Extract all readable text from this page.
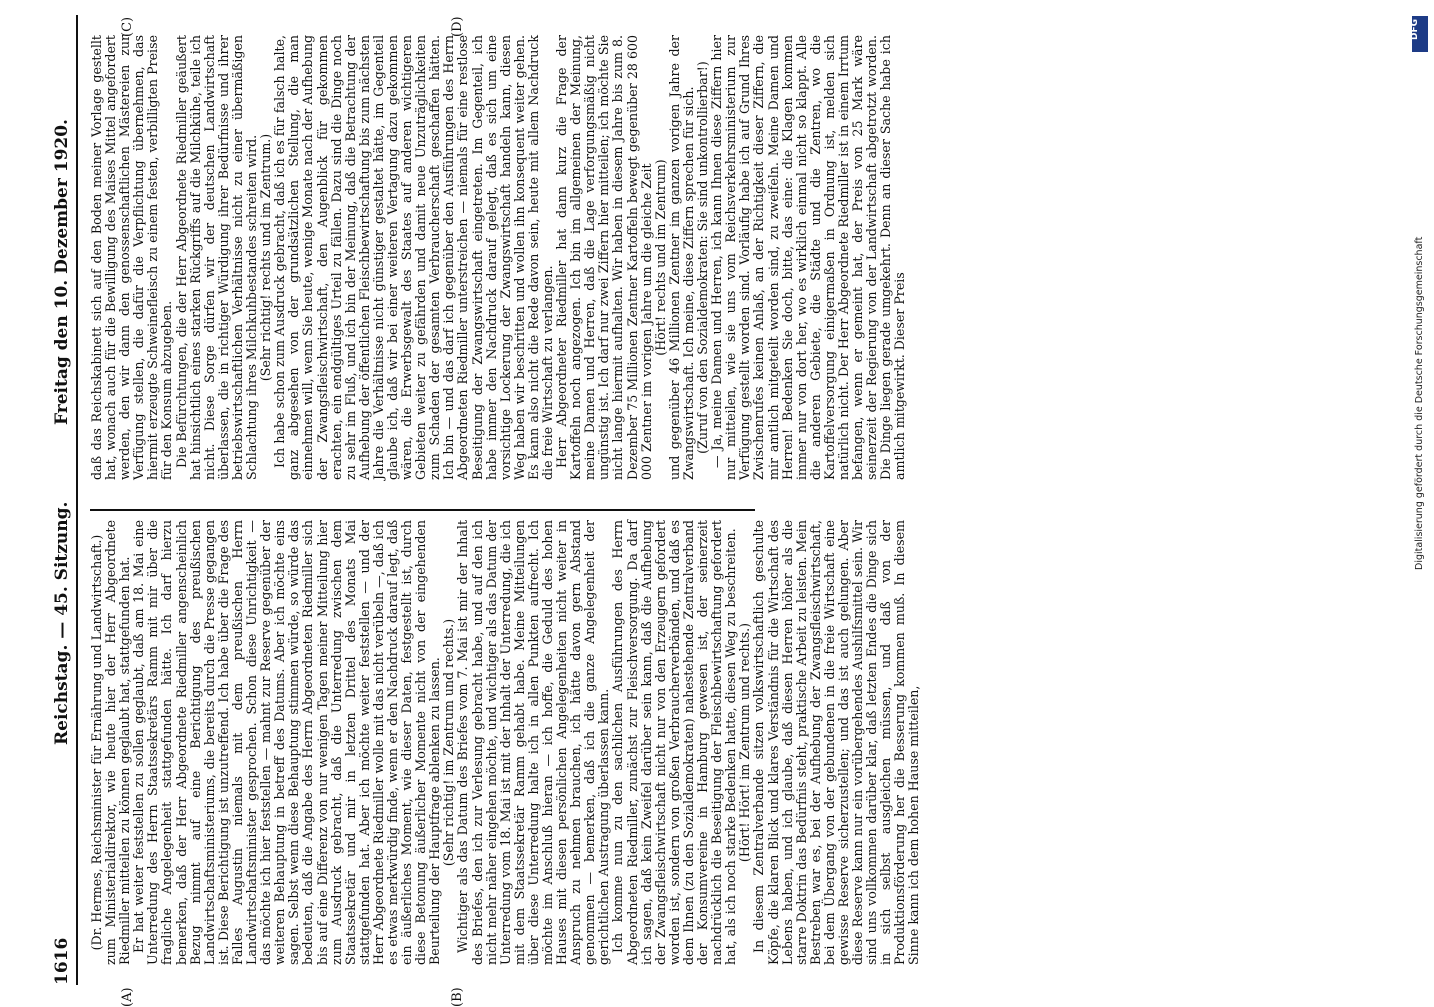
1616
Reichstag. — 45. Sitzung.
Freitag den 10. Dezember 1920.
(A)	(B)
(C)	(D)

(Dr. Hermes, Reichsminister für Ernährung und Landwirtschaft.) zum Ministerialdirektor, wie heute hier der Herr Abgeordnete Riedmiller mitteilen zu können geglaubt hat, stattgefunden hat. Er hat weiter feststellen zu sollen geglaubt, daß am 18. Mai eine Unterredung des Herrn Staatssekretärs Ramm mit mir über die fragliche Angelegenheit stattgefunden hätte. Ich darf hierzu bemerken, daß der Herr Abgeordnete Riedmiller angenscheinlich Bezug nimmt auf eine Berichtigung des preußischen Landwirtschaftsministeriums, die bereits durch die Presse gegangen ist. Diese Berichtigung ist unzutreffend. Ich habe über die Frage des Falles Augustin niemals mit dem preußischen Herrn Landwirtschaftsminister gesprochen. Schon diese Unrichtigkeit — das möchte ich hier feststellen — mahnt zur Reserve gegenüber der weiteren Behauptung in betreff des Datums. Aber ich möchte eins sagen. Selbst wenn diese Behauptung stimmen würde, so würde das bedeuten, daß die Angabe des Herrn Abgeordneten Riedmiller sich bis auf eine Differenz von nur wenigen Tagen meiner Mitteilung hier zum Ausdruck gebracht, daß die Unterredung zwischen dem Staatssekretär und mir in letzten Drittel des Monats Mai stattgefunden hat. Aber ich möchte weiter feststellen — und der Herr Abgeordnete Riedmiller wolle mit das nicht verübeln —, daß ich es etwas merkwürdig finde, wenn er den Nachdruck darauf legt, daß ein äußerliches Moment, wie dieser Daten, festgestellt ist, durch diese Betonung äußerlicher Momente nicht von der eingehenden Beurteilung der Hauptfrage ablenken zu lassen. (Sehr richtig! im Zentrum und rechts.) Wichtiger als das Datum des Briefes vom 7. Mai ist mir der Inhalt des Briefes, den ich zur Verlesung gebracht habe, und auf den ich nicht mehr näher eingehen möchte, und wichtiger als das Datum der Unterredung vom 18. Mai ist mit der Inhalt der Unterredung, die ich mit dem Staatssekretär Ramm gehabt habe. Meine Mitteilungen über diese Unterredung halte ich in allen Punkten aufrecht. Ich möchte im Anschluß hieran — ich hoffe, die Geduld des hohen Hauses mit diesen persönlichen Angelegenheiten nicht weiter in Anspruch zu nehmen brauchen, ich hätte davon gern Abstand genommen — bemerken, daß ich die ganze Angelegenheit der gerichtlichen Austragung überlassen kann. Ich komme nun zu den sachlichen Ausführungen des Herrn Abgeordneten Riedmiller, zunächst zur Fleischversorgung. Da darf ich sagen, daß kein Zweifel darüber sein kann, daß die Aufhebung der Zwangsfleischwirtschaft nicht nur von den Erzeugern gefordert worden ist, sondern von großen Verbraucherverbänden, und daß es dem Ihnen (zu den Sozialdemokraten) nahestehende Zentralverband der Konsumvereine in Hamburg gewesen ist, der seinerzeit nachdrücklich die Beseitigung der Fleischbewirtschaftung gefordert hat, als ich noch starke Bedenken hatte, diesen Weg zu beschreiten. (Hört! Hört! im Zentrum und rechts.) In diesem Zentralverbande sitzen volkswirtschaftlich geschulte Köpfe, die klaren Blick und klares Verständnis für die Wirtschaft des Lebens haben, und ich glaube, daß diesen Herren höher als die starre Doktrin das Bedürfnis steht, praktische Arbeit zu leisten. Mein Bestreben war es, bei der Aufhebung der Zwangsfleischwirtschaft, bei dem Übergang von der gebundenen in die freie Wirtschaft eine gewisse Reserve sicherzustellen; und das ist auch gelungen. Aber diese Reserve kann nur ein vorübergehendes Aushilfsmittel sein. Wir sind uns vollkommen darüber klar, daß letzten Endes die Dinge sich in sich selbst ausgleichen müssen, und daß von der Produktionsförderung her die Besserung kommen muß. In diesem Sinne kann ich dem hohen Hause mitteilen,

daß das Reichskabinett sich auf den Boden meiner Vorlage gestellt hat, wonach auch für die Bewilligung des Maises Mittel angefordert werden, den wir dann den genossenschaftlichen Mästereien zur Verfügung stellen, die dafür die Verpflichtung übernehmen, das hiermit erzeugte Schweinefleisch zu einem festen, verbilligten Preise für den Konsum abzugeben. Die Befürchtungen, die der Herr Abgeordnete Riedmiller geäußert hat hinsichtlich eines starken Rückgriffs auf die Milchkühe, teile ich nicht. Diese Sorge dürfen wir der deutschen Landwirtschaft überlassen, die in richtiger Würdigung ihrer Bedürfnisse und ihrer betriebswirtschaftlichen Verhältnisse nicht zu einer übermäßigen Schlachtung ihres Milchkuhbestandes schreiten wird. (Sehr richtig! rechts und im Zentrum.) Ich habe schon zum Ausdruck gebracht, daß ich es für falsch halte, ganz abgesehen von der grundsätzlichen Stellung, die man einnehmen will, wenn Sie heute, wenige Monate nach der Aufhebung der Zwangsfleischwirtschaft, den Augenblick für gekommen erachten, ein endgültiges Urteil zu fällen. Dazu sind die Dinge noch zu sehr im Fluß, und ich bin der Meinung, daß die Betrachtung der Aufhebung der öffentlichen Fleischbewirtschaftung bis zum nächsten Jahre die Verhältnisse nicht günstiger gestaltet hätte, im Gegenteil glaube ich, daß wir bei einer weiteren Vertagung dazu gekommen wären, die Erwerbsgewalt des Staates auf anderen wichtigeren Gebieten weiter zu gefährden und damit neue Unzuträglichkeiten zum Schaden der gesamten Verbraucherschaft geschaffen hätten. Ich bin — und das darf ich gegenüber den Ausführungen des Herrn Abgeordneten Riedmiller unterstreichen — niemals für eine restlose Beseitigung der Zwangswirtschaft eingetreten. Im Gegenteil, ich habe immer den Nachdruck darauf gelegt, daß es sich um eine vorsichtige Lockerung der Zwangswirtschaft handeln kann, diesen Weg haben wir beschritten und wollen ihn konsequent weiter gehen. Es kann also nicht die Rede davon sein, heute mit allem Nachdruck die freie Wirtschaft zu verlangen. Herr Abgeordneter Riedmiller hat dann kurz die Frage der Kartoffeln noch angezogen. Ich bin im allgemeinen der Meinung, meine Damen und Herren, daß die Lage verforgungsmäßig nicht ungünstig ist. Ich darf nur zwei Ziffern hier mitteilen; ich möchte Sie nicht lange hiermit aufhalten. Wir haben in diesem Jahre bis zum 8. Dezember 75 Millionen Zentner Kartoffeln bewegt gegenüber 28 600 000 Zentner im vorigen Jahre um die gleiche Zeit (Hört! rechts und im Zentrum) und gegenüber 46 Millionen Zentner im ganzen vorigen Jahre der Zwangswirtschaft. Ich meine, diese Ziffern sprechen für sich. (Zuruf von den Sozialdemokraten: Sie sind unkontrollierbar!) — Ja, meine Damen und Herren, ich kann Ihnen diese Ziffern hier nur mitteilen, wie sie uns vom Reichsverkehrsministerium zur Verfügung gestellt worden sind. Vorläufig habe ich auf Grund Ihres Zwischenrufes keinen Anlaß, an der Richtigkeit dieser Ziffern, die mir amtlich mitgeteilt worden sind, zu zweifeln. Meine Damen und Herren! Bedenken Sie doch, bitte, das eine: die Klagen kommen immer nur von dort her, wo es wirklich einmal nicht so klappt. Alle die anderen Gebiete, die Städte und die Zentren, wo die Kartoffelversorgung einigermaßen in Ordnung ist, melden sich natürlich nicht. Der Herr Abgeordnete Riedmiller ist in einem Irrtum befangen, wenn er gemeint hat, der Preis von 25 Mark wäre seinerzeit der Regierung von der Landwirtschaft abgetrotzt worden. Die Dinge liegen gerade umgekehrt. Denn an dieser Sache habe ich amtlich mitgewirkt. Dieser Preis

DFG
Digitalisierung gefördert durch die Deutsche Forschungsgemeinschaft
